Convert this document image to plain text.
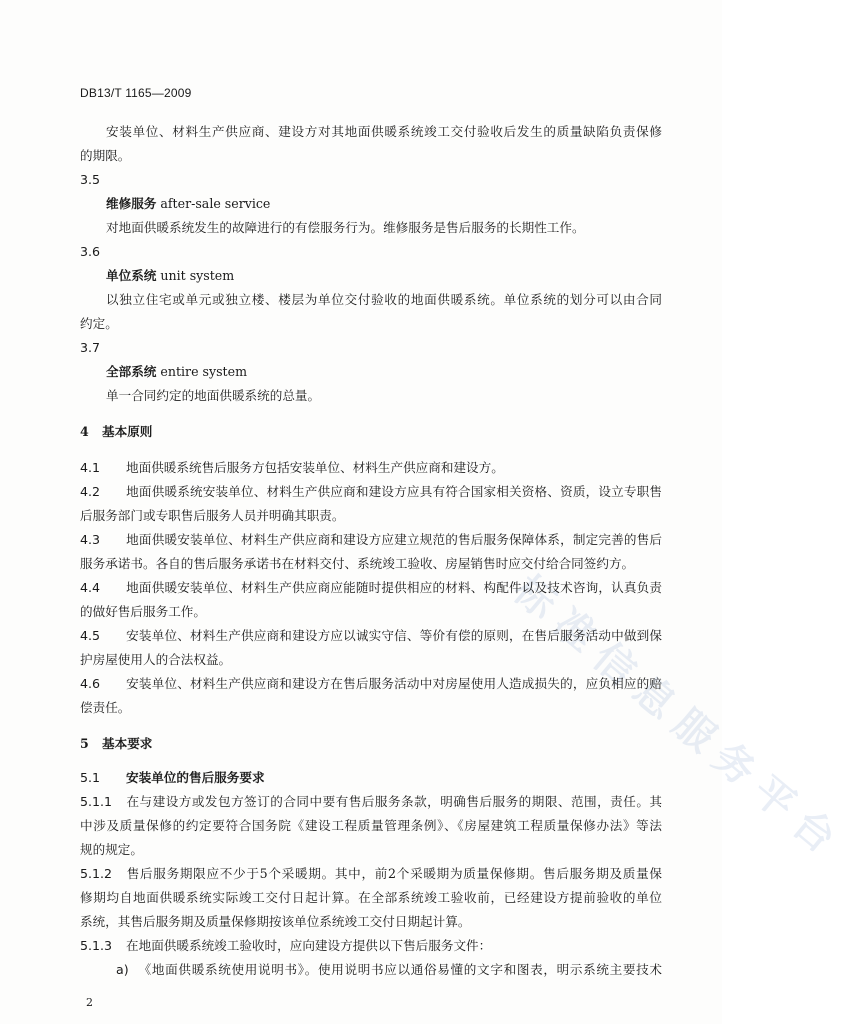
DB13/T 1165—2009
标准信息服务平台
安装单位、材料生产供应商、建设方对其地面供暖系统竣工交付验收后发生的质量缺陷负责保修
的期限。
3.5
维修服务 after-sale service
对地面供暖系统发生的故障进行的有偿服务行为。维修服务是售后服务的长期性工作。
3.6
单位系统 unit system
以独立住宅或单元或独立楼、楼层为单位交付验收的地面供暖系统。单位系统的划分可以由合同
约定。
3.7
全部系统 entire system
单一合同约定的地面供暖系统的总量。
4 基本原则
4.1 地面供暖系统售后服务方包括安装单位、材料生产供应商和建设方。
4.2 地面供暖系统安装单位、材料生产供应商和建设方应具有符合国家相关资格、资质，设立专职售
后服务部门或专职售后服务人员并明确其职责。
4.3 地面供暖安装单位、材料生产供应商和建设方应建立规范的售后服务保障体系，制定完善的售后
服务承诺书。各自的售后服务承诺书在材料交付、系统竣工验收、房屋销售时应交付给合同签约方。
4.4 地面供暖安装单位、材料生产供应商应能随时提供相应的材料、构配件以及技术咨询，认真负责
的做好售后服务工作。
4.5 安装单位、材料生产供应商和建设方应以诚实守信、等价有偿的原则，在售后服务活动中做到保
护房屋使用人的合法权益。
4.6 安装单位、材料生产供应商和建设方在售后服务活动中对房屋使用人造成损失的，应负相应的赔
偿责任。
5 基本要求
5.1 安装单位的售后服务要求
5.1.1 在与建设方或发包方签订的合同中要有售后服务条款，明确售后服务的期限、范围，责任。其
中涉及质量保修的约定要符合国务院《建设工程质量管理条例》、《房屋建筑工程质量保修办法》等法
规的规定。
5.1.2 售后服务期限应不少于5个采暖期。其中，前2个采暖期为质量保修期。售后服务期及质量保
修期均自地面供暖系统实际竣工交付日起计算。在全部系统竣工验收前，已经建设方提前验收的单位
系统，其售后服务期及质量保修期按该单位系统竣工交付日期起计算。
5.1.3 在地面供暖系统竣工验收时，应向建设方提供以下售后服务文件：
a) 《地面供暖系统使用说明书》。使用说明书应以通俗易懂的文字和图表，明示系统主要技术
2
